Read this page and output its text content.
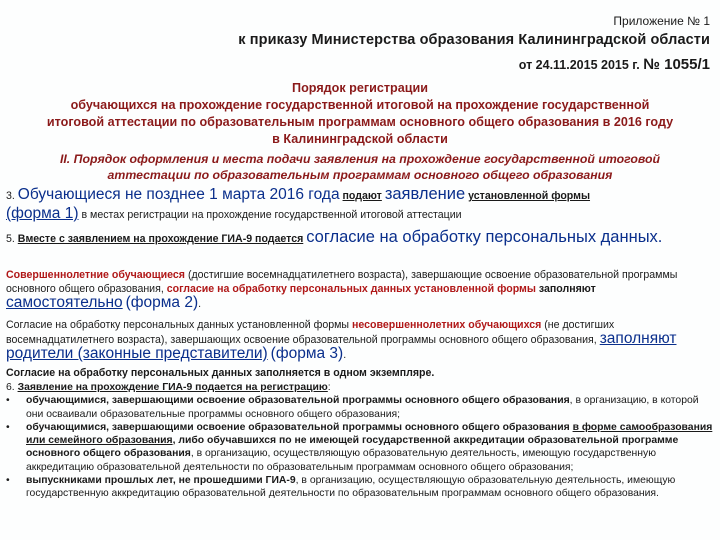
Приложение № 1
к приказу Министерства образования Калининградской области
от 24.11.2015 2015 г. № 1055/1
Порядок регистрации
обучающихся на прохождение государственной итоговой на прохождение государственной
итоговой аттестации по образовательным программам основного общего образования в 2016 году
в Калининградской области
II. Порядок оформления и места подачи заявления на прохождение государственной итоговой
аттестации по образовательным программам основного общего образования
3. Обучающиеся не позднее 1 марта 2016 года подают заявление установленной формы
(форма 1) в местах регистрации на прохождение государственной итоговой аттестации
5. Вместе с заявлением на прохождение ГИА-9 подается согласие на обработку персональных данных.
Совершеннолетние обучающиеся (достигшие восемнадцатилетнего возраста), завершающие освоение образовательной программы основного общего образования, согласие на обработку персональных данных установленной формы заполняют самостоятельно (форма 2).
Согласие на обработку персональных данных установленной формы несовершеннолетних обучающихся (не достигших восемнадцатилетнего возраста), завершающих освоение образовательной программы основного общего образования, заполняют родители (законные представители) (форма 3).
Согласие на обработку персональных данных заполняется в одном экземпляре.
6. Заявление на прохождение ГИА-9 подается на регистрацию:
• обучающимися, завершающими освоение образовательной программы основного общего образования, в организацию, в которой они осваивали образовательные программы основного общего образования;
• обучающимися, завершающими освоение образовательной программы основного общего образования в форме самообразования или семейного образования, либо обучавшихся по не имеющей государственной аккредитации образовательной программе основного общего образования, в организацию, осуществляющую образовательную деятельность, имеющую государственную аккредитацию образовательной деятельности по образовательным программам основного общего образования;
• выпускниками прошлых лет, не прошедшими ГИА-9, в организацию, осуществляющую образовательную деятельность, имеющую государственную аккредитацию образовательной деятельности по образовательным программам основного общего образования.
